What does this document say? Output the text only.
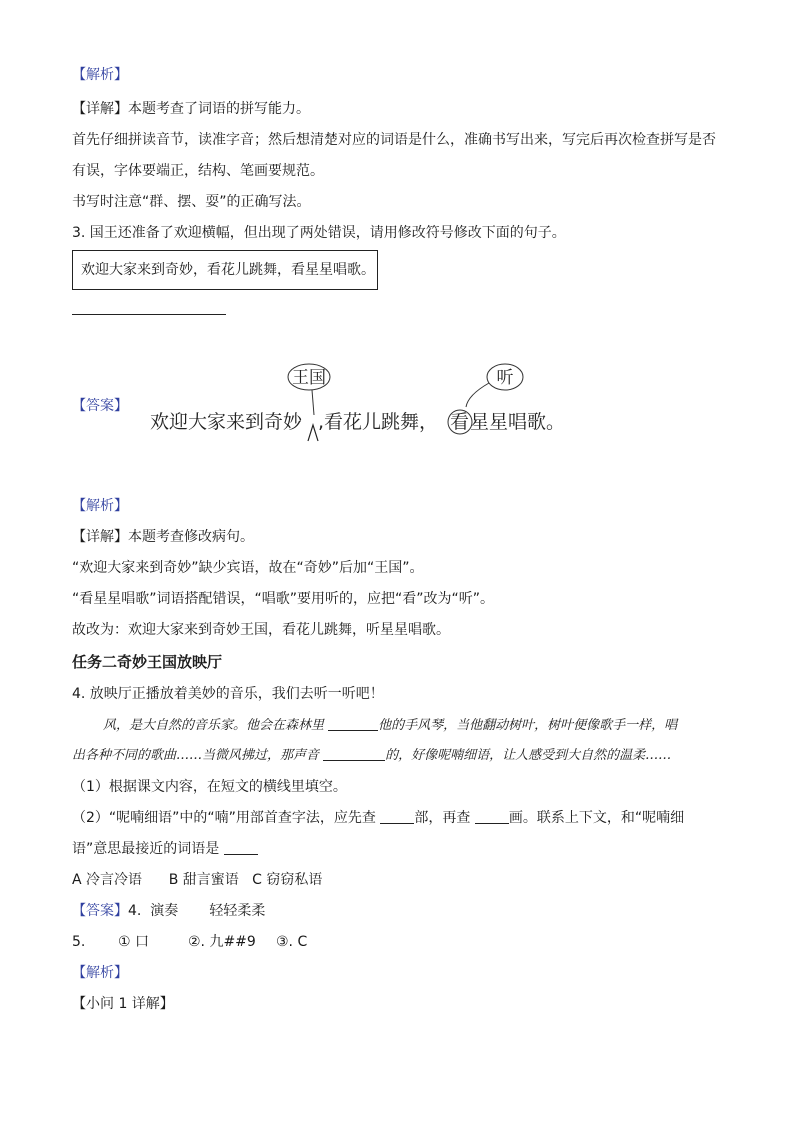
【解析】
【详解】本题考查了词语的拼写能力。
首先仔细拼读音节，读准字音；然后想清楚对应的词语是什么，准确书写出来，写完后再次检查拼写是否
有误，字体要端正，结构、笔画要规范。
书写时注意“群、摆、耍”的正确写法。
3. 国王还准备了欢迎横幅，但出现了两处错误，请用修改符号修改下面的句子。
欢迎大家来到奇妙，看花儿跳舞，看星星唱歌。
【答案】
王国	听
欢迎大家来到奇妙 ,看花儿跳舞， 看 星星唱歌。
【解析】
【详解】本题考查修改病句。
“欢迎大家来到奇妙”缺少宾语，故在“奇妙”后加“王国”。
“看星星唱歌”词语搭配错误，“唱歌”要用听的，应把“看”改为“听”。
故改为：欢迎大家来到奇妙王国，看花儿跳舞，听星星唱歌。
任务二奇妙王国放映厅
4. 放映厅正播放着美妙的音乐，我们去听一听吧！
风，是大自然的音乐家。他会在森林里	他的手风琴，当他翻动树叶，树叶便像歌手一样，唱
出各种不同的歌曲……当微风拂过，那声音	的，好像呢喃细语，让人感受到大自然的温柔……
（1）根据课文内容，在短文的横线里填空。
（2）“呢喃细语”中的“喃”用部首查字法，应先查	部，再查	画。联系上下文，和“呢喃细
语”意思最接近的词语是
A 冷言冷语      B 甜言蜜语   C 窃窃私语
【答案】4.  演奏       轻轻柔柔
5. ① 口	②. 九##9 ③. C
【解析】
【小问 1 详解】
